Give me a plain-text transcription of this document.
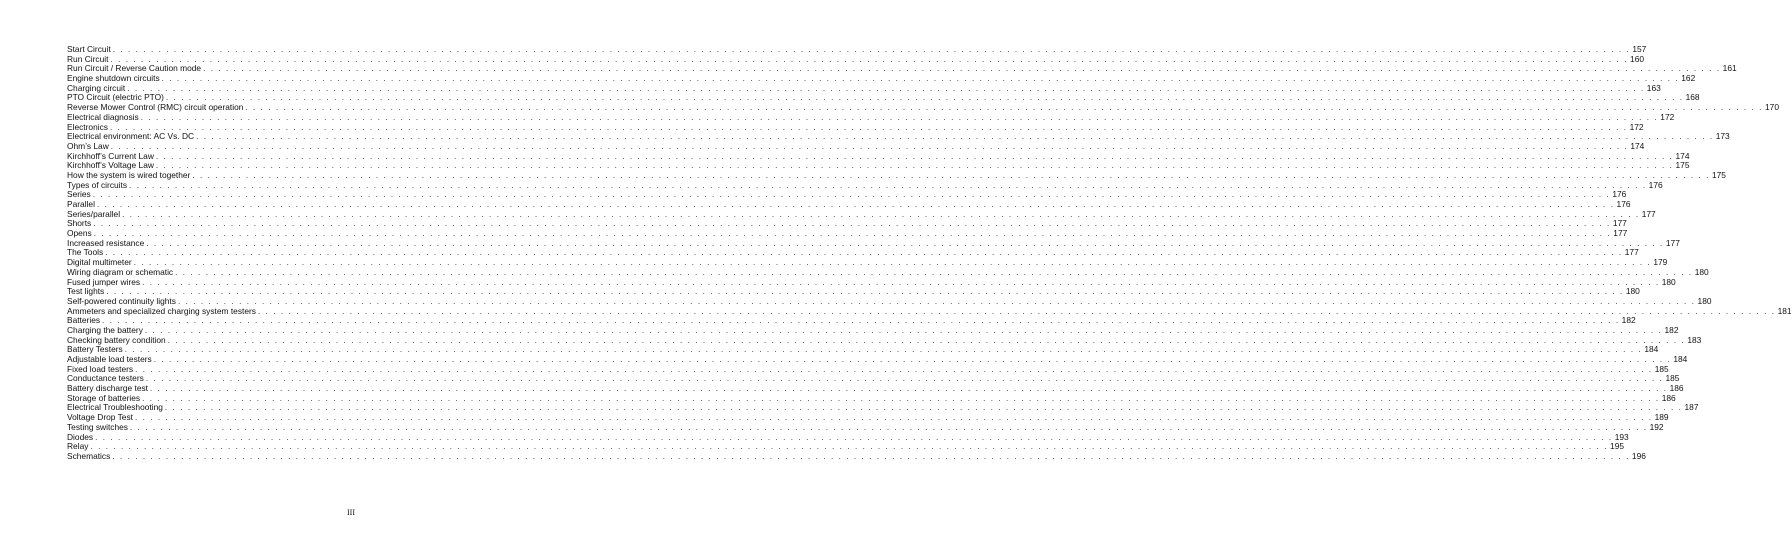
Start Circuit . . . . . . . . . . . . . . . . . . . . . . . . . . . . . . . . . . . . . . . . . . . . . . . . . . . . . . . . . . . . . . . . . . . . . . . . . . . . . . . . . . . . . . . . . . . . . . . . . . . . . . . . . . . . . . . . . . . . . . . . . . . . . . . . . . . . . . . . . . . . . . . . . . . . . . . . . . . . . . . . . . . . . . . . . . . . . . . . . . . . . . . . . . . . . . . . . . . . . . . 157
Run Circuit . . . . . . . . . . . . . . . . . . . . . . . . . . . . . . . . . . . . . . . . . . . . . . . . . . . . . . . . . . . . . . . . . . . . . . . . . . . . . . . . . . . . . . . . . . . . . . . . . . . . . . . . . . . . . . . . . . . . . . . . . . . . . . . . . . . . . . . . . . . . . . . . . . . . . . . . . . . . . . . . . . . . . . . . . . . . . . . . . . . . . . . . . . . . . . . . . . . . . . . 160
Run Circuit / Reverse Caution mode . . . . . . . . . . . . . . . . . . . . . . . . . . . . . . . . . . . . . . . . . . . . . . . . . . . . . . . . . . . . . . . . . . . . . . . . . . . . . . . . . . . . . . . . . . . . . . . . . . . . . . . . . . . . . . . . . . . . . . . . . . . . . . . . . . . . . . . . . . . . . . . . . . . . . . . . . . . . . . . . . . . . . . . . . . . . . . . . . . . . . . . . . . . . . . . . . . . . . . . 161
Engine shutdown circuits . . . . . . . . . . . . . . . . . . . . . . . . . . . . . . . . . . . . . . . . . . . . . . . . . . . . . . . . . . . . . . . . . . . . . . . . . . . . . . . . . . . . . . . . . . . . . . . . . . . . . . . . . . . . . . . . . . . . . . . . . . . . . . . . . . . . . . . . . . . . . . . . . . . . . . . . . . . . . . . . . . . . . . . . . . . . . . . . . . . . . . . . . . . . . . . . . . . . . . . 162
Charging circuit . . . . . . . . . . . . . . . . . . . . . . . . . . . . . . . . . . . . . . . . . . . . . . . . . . . . . . . . . . . . . . . . . . . . . . . . . . . . . . . . . . . . . . . . . . . . . . . . . . . . . . . . . . . . . . . . . . . . . . . . . . . . . . . . . . . . . . . . . . . . . . . . . . . . . . . . . . . . . . . . . . . . . . . . . . . . . . . . . . . . . . . . . . . . . . . . . . . . . . . 163
PTO Circuit (electric PTO) . . . . . . . . . . . . . . . . . . . . . . . . . . . . . . . . . . . . . . . . . . . . . . . . . . . . . . . . . . . . . . . . . . . . . . . . . . . . . . . . . . . . . . . . . . . . . . . . . . . . . . . . . . . . . . . . . . . . . . . . . . . . . . . . . . . . . . . . . . . . . . . . . . . . . . . . . . . . . . . . . . . . . . . . . . . . . . . . . . . . . . . . . . . . . . . . . . . . . . . 168
Reverse Mower Control (RMC) circuit operation . . . . . . . . . . . . . . . . . . . . . . . . . . . . . . . . . . . . . . . . . . . . . . . . . . . . . . . . . . . . . . . . . . . . . . . . . . . . . . . . . . . . . . . . . . . . . . . . . . . . . . . . . . . . . . . . . . . . . . . . . . . . . . . . . . . . . . . . . . . . . . . . . . . . . . . . . . . . . . . . . . . . . . . . . . . . . . . . . . . . . . . . . . . . . . . . . . . . . . . 170
Electrical diagnosis . . . . . . . . . . . . . . . . . . . . . . . . . . . . . . . . . . . . . . . . . . . . . . . . . . . . . . . . . . . . . . . . . . . . . . . . . . . . . . . . . . . . . . . . . . . . . . . . . . . . . . . . . . . . . . . . . . . . . . . . . . . . . . . . . . . . . . . . . . . . . . . . . . . . . . . . . . . . . . . . . . . . . . . . . . . . . . . . . . . . . . . . . . . . . . . . . . . . . . . 172
Electronics . . . . . . . . . . . . . . . . . . . . . . . . . . . . . . . . . . . . . . . . . . . . . . . . . . . . . . . . . . . . . . . . . . . . . . . . . . . . . . . . . . . . . . . . . . . . . . . . . . . . . . . . . . . . . . . . . . . . . . . . . . . . . . . . . . . . . . . . . . . . . . . . . . . . . . . . . . . . . . . . . . . . . . . . . . . . . . . . . . . . . . . . . . . . . . . . . . . . . . . 172
Electrical environment: AC Vs. DC . . . . . . . . . . . . . . . . . . . . . . . . . . . . . . . . . . . . . . . . . . . . . . . . . . . . . . . . . . . . . . . . . . . . . . . . . . . . . . . . . . . . . . . . . . . . . . . . . . . . . . . . . . . . . . . . . . . . . . . . . . . . . . . . . . . . . . . . . . . . . . . . . . . . . . . . . . . . . . . . . . . . . . . . . . . . . . . . . . . . . . . . . . . . . . . . . . . . . . . 173
Ohm’s Law . . . . . . . . . . . . . . . . . . . . . . . . . . . . . . . . . . . . . . . . . . . . . . . . . . . . . . . . . . . . . . . . . . . . . . . . . . . . . . . . . . . . . . . . . . . . . . . . . . . . . . . . . . . . . . . . . . . . . . . . . . . . . . . . . . . . . . . . . . . . . . . . . . . . . . . . . . . . . . . . . . . . . . . . . . . . . . . . . . . . . . . . . . . . . . . . . . . . . . . 174
Kirchhoff’s Current Law . . . . . . . . . . . . . . . . . . . . . . . . . . . . . . . . . . . . . . . . . . . . . . . . . . . . . . . . . . . . . . . . . . . . . . . . . . . . . . . . . . . . . . . . . . . . . . . . . . . . . . . . . . . . . . . . . . . . . . . . . . . . . . . . . . . . . . . . . . . . . . . . . . . . . . . . . . . . . . . . . . . . . . . . . . . . . . . . . . . . . . . . . . . . . . . . . . . . . . . 174
Kirchhoff’s Voltage Law . . . . . . . . . . . . . . . . . . . . . . . . . . . . . . . . . . . . . . . . . . . . . . . . . . . . . . . . . . . . . . . . . . . . . . . . . . . . . . . . . . . . . . . . . . . . . . . . . . . . . . . . . . . . . . . . . . . . . . . . . . . . . . . . . . . . . . . . . . . . . . . . . . . . . . . . . . . . . . . . . . . . . . . . . . . . . . . . . . . . . . . . . . . . . . . . . . . . . . . 175
How the system is wired together . . . . . . . . . . . . . . . . . . . . . . . . . . . . . . . . . . . . . . . . . . . . . . . . . . . . . . . . . . . . . . . . . . . . . . . . . . . . . . . . . . . . . . . . . . . . . . . . . . . . . . . . . . . . . . . . . . . . . . . . . . . . . . . . . . . . . . . . . . . . . . . . . . . . . . . . . . . . . . . . . . . . . . . . . . . . . . . . . . . . . . . . . . . . . . . . . . . . . . . 175
Types of circuits . . . . . . . . . . . . . . . . . . . . . . . . . . . . . . . . . . . . . . . . . . . . . . . . . . . . . . . . . . . . . . . . . . . . . . . . . . . . . . . . . . . . . . . . . . . . . . . . . . . . . . . . . . . . . . . . . . . . . . . . . . . . . . . . . . . . . . . . . . . . . . . . . . . . . . . . . . . . . . . . . . . . . . . . . . . . . . . . . . . . . . . . . . . . . . . . . . . . . . . 176
Series . . . . . . . . . . . . . . . . . . . . . . . . . . . . . . . . . . . . . . . . . . . . . . . . . . . . . . . . . . . . . . . . . . . . . . . . . . . . . . . . . . . . . . . . . . . . . . . . . . . . . . . . . . . . . . . . . . . . . . . . . . . . . . . . . . . . . . . . . . . . . . . . . . . . . . . . . . . . . . . . . . . . . . . . . . . . . . . . . . . . . . . . . . . . . . . . . . . . . . . 176
Parallel . . . . . . . . . . . . . . . . . . . . . . . . . . . . . . . . . . . . . . . . . . . . . . . . . . . . . . . . . . . . . . . . . . . . . . . . . . . . . . . . . . . . . . . . . . . . . . . . . . . . . . . . . . . . . . . . . . . . . . . . . . . . . . . . . . . . . . . . . . . . . . . . . . . . . . . . . . . . . . . . . . . . . . . . . . . . . . . . . . . . . . . . . . . . . . . . . . . . . . . 176
Series/parallel . . . . . . . . . . . . . . . . . . . . . . . . . . . . . . . . . . . . . . . . . . . . . . . . . . . . . . . . . . . . . . . . . . . . . . . . . . . . . . . . . . . . . . . . . . . . . . . . . . . . . . . . . . . . . . . . . . . . . . . . . . . . . . . . . . . . . . . . . . . . . . . . . . . . . . . . . . . . . . . . . . . . . . . . . . . . . . . . . . . . . . . . . . . . . . . . . . . . . . . 177
Shorts . . . . . . . . . . . . . . . . . . . . . . . . . . . . . . . . . . . . . . . . . . . . . . . . . . . . . . . . . . . . . . . . . . . . . . . . . . . . . . . . . . . . . . . . . . . . . . . . . . . . . . . . . . . . . . . . . . . . . . . . . . . . . . . . . . . . . . . . . . . . . . . . . . . . . . . . . . . . . . . . . . . . . . . . . . . . . . . . . . . . . . . . . . . . . . . . . . . . . . . 177
Opens . . . . . . . . . . . . . . . . . . . . . . . . . . . . . . . . . . . . . . . . . . . . . . . . . . . . . . . . . . . . . . . . . . . . . . . . . . . . . . . . . . . . . . . . . . . . . . . . . . . . . . . . . . . . . . . . . . . . . . . . . . . . . . . . . . . . . . . . . . . . . . . . . . . . . . . . . . . . . . . . . . . . . . . . . . . . . . . . . . . . . . . . . . . . . . . . . . . . . . . 177
Increased resistance . . . . . . . . . . . . . . . . . . . . . . . . . . . . . . . . . . . . . . . . . . . . . . . . . . . . . . . . . . . . . . . . . . . . . . . . . . . . . . . . . . . . . . . . . . . . . . . . . . . . . . . . . . . . . . . . . . . . . . . . . . . . . . . . . . . . . . . . . . . . . . . . . . . . . . . . . . . . . . . . . . . . . . . . . . . . . . . . . . . . . . . . . . . . . . . . . . . . . . . 177
The Tools . . . . . . . . . . . . . . . . . . . . . . . . . . . . . . . . . . . . . . . . . . . . . . . . . . . . . . . . . . . . . . . . . . . . . . . . . . . . . . . . . . . . . . . . . . . . . . . . . . . . . . . . . . . . . . . . . . . . . . . . . . . . . . . . . . . . . . . . . . . . . . . . . . . . . . . . . . . . . . . . . . . . . . . . . . . . . . . . . . . . . . . . . . . . . . . . . . . . . . . 177
Digital multimeter . . . . . . . . . . . . . . . . . . . . . . . . . . . . . . . . . . . . . . . . . . . . . . . . . . . . . . . . . . . . . . . . . . . . . . . . . . . . . . . . . . . . . . . . . . . . . . . . . . . . . . . . . . . . . . . . . . . . . . . . . . . . . . . . . . . . . . . . . . . . . . . . . . . . . . . . . . . . . . . . . . . . . . . . . . . . . . . . . . . . . . . . . . . . . . . . . . . . . . . 179
Wiring diagram or schematic . . . . . . . . . . . . . . . . . . . . . . . . . . . . . . . . . . . . . . . . . . . . . . . . . . . . . . . . . . . . . . . . . . . . . . . . . . . . . . . . . . . . . . . . . . . . . . . . . . . . . . . . . . . . . . . . . . . . . . . . . . . . . . . . . . . . . . . . . . . . . . . . . . . . . . . . . . . . . . . . . . . . . . . . . . . . . . . . . . . . . . . . . . . . . . . . . . . . . . . 180
Fused jumper wires . . . . . . . . . . . . . . . . . . . . . . . . . . . . . . . . . . . . . . . . . . . . . . . . . . . . . . . . . . . . . . . . . . . . . . . . . . . . . . . . . . . . . . . . . . . . . . . . . . . . . . . . . . . . . . . . . . . . . . . . . . . . . . . . . . . . . . . . . . . . . . . . . . . . . . . . . . . . . . . . . . . . . . . . . . . . . . . . . . . . . . . . . . . . . . . . . . . . . . . 180
Test lights . . . . . . . . . . . . . . . . . . . . . . . . . . . . . . . . . . . . . . . . . . . . . . . . . . . . . . . . . . . . . . . . . . . . . . . . . . . . . . . . . . . . . . . . . . . . . . . . . . . . . . . . . . . . . . . . . . . . . . . . . . . . . . . . . . . . . . . . . . . . . . . . . . . . . . . . . . . . . . . . . . . . . . . . . . . . . . . . . . . . . . . . . . . . . . . . . . . . . . . 180
Self-powered continuity lights . . . . . . . . . . . . . . . . . . . . . . . . . . . . . . . . . . . . . . . . . . . . . . . . . . . . . . . . . . . . . . . . . . . . . . . . . . . . . . . . . . . . . . . . . . . . . . . . . . . . . . . . . . . . . . . . . . . . . . . . . . . . . . . . . . . . . . . . . . . . . . . . . . . . . . . . . . . . . . . . . . . . . . . . . . . . . . . . . . . . . . . . . . . . . . . . . . . . . . . 180
Ammeters and specialized charging system testers . . . . . . . . . . . . . . . . . . . . . . . . . . . . . . . . . . . . . . . . . . . . . . . . . . . . . . . . . . . . . . . . . . . . . . . . . . . . . . . . . . . . . . . . . . . . . . . . . . . . . . . . . . . . . . . . . . . . . . . . . . . . . . . . . . . . . . . . . . . . . . . . . . . . . . . . . . . . . . . . . . . . . . . . . . . . . . . . . . . . . . . . . . . . . . . . . . . . . . . 181
Batteries . . . . . . . . . . . . . . . . . . . . . . . . . . . . . . . . . . . . . . . . . . . . . . . . . . . . . . . . . . . . . . . . . . . . . . . . . . . . . . . . . . . . . . . . . . . . . . . . . . . . . . . . . . . . . . . . . . . . . . . . . . . . . . . . . . . . . . . . . . . . . . . . . . . . . . . . . . . . . . . . . . . . . . . . . . . . . . . . . . . . . . . . . . . . . . . . . . . . . . . 182
Charging the battery . . . . . . . . . . . . . . . . . . . . . . . . . . . . . . . . . . . . . . . . . . . . . . . . . . . . . . . . . . . . . . . . . . . . . . . . . . . . . . . . . . . . . . . . . . . . . . . . . . . . . . . . . . . . . . . . . . . . . . . . . . . . . . . . . . . . . . . . . . . . . . . . . . . . . . . . . . . . . . . . . . . . . . . . . . . . . . . . . . . . . . . . . . . . . . . . . . . . . . . 182
Checking battery condition . . . . . . . . . . . . . . . . . . . . . . . . . . . . . . . . . . . . . . . . . . . . . . . . . . . . . . . . . . . . . . . . . . . . . . . . . . . . . . . . . . . . . . . . . . . . . . . . . . . . . . . . . . . . . . . . . . . . . . . . . . . . . . . . . . . . . . . . . . . . . . . . . . . . . . . . . . . . . . . . . . . . . . . . . . . . . . . . . . . . . . . . . . . . . . . . . . . . . . . 183
Battery Testers . . . . . . . . . . . . . . . . . . . . . . . . . . . . . . . . . . . . . . . . . . . . . . . . . . . . . . . . . . . . . . . . . . . . . . . . . . . . . . . . . . . . . . . . . . . . . . . . . . . . . . . . . . . . . . . . . . . . . . . . . . . . . . . . . . . . . . . . . . . . . . . . . . . . . . . . . . . . . . . . . . . . . . . . . . . . . . . . . . . . . . . . . . . . . . . . . . . . . . . 184
Adjustable load testers . . . . . . . . . . . . . . . . . . . . . . . . . . . . . . . . . . . . . . . . . . . . . . . . . . . . . . . . . . . . . . . . . . . . . . . . . . . . . . . . . . . . . . . . . . . . . . . . . . . . . . . . . . . . . . . . . . . . . . . . . . . . . . . . . . . . . . . . . . . . . . . . . . . . . . . . . . . . . . . . . . . . . . . . . . . . . . . . . . . . . . . . . . . . . . . . . . . . . . . 184
Fixed load testers . . . . . . . . . . . . . . . . . . . . . . . . . . . . . . . . . . . . . . . . . . . . . . . . . . . . . . . . . . . . . . . . . . . . . . . . . . . . . . . . . . . . . . . . . . . . . . . . . . . . . . . . . . . . . . . . . . . . . . . . . . . . . . . . . . . . . . . . . . . . . . . . . . . . . . . . . . . . . . . . . . . . . . . . . . . . . . . . . . . . . . . . . . . . . . . . . . . . . . . 185
Conductance testers . . . . . . . . . . . . . . . . . . . . . . . . . . . . . . . . . . . . . . . . . . . . . . . . . . . . . . . . . . . . . . . . . . . . . . . . . . . . . . . . . . . . . . . . . . . . . . . . . . . . . . . . . . . . . . . . . . . . . . . . . . . . . . . . . . . . . . . . . . . . . . . . . . . . . . . . . . . . . . . . . . . . . . . . . . . . . . . . . . . . . . . . . . . . . . . . . . . . . . . 185
Battery discharge test . . . . . . . . . . . . . . . . . . . . . . . . . . . . . . . . . . . . . . . . . . . . . . . . . . . . . . . . . . . . . . . . . . . . . . . . . . . . . . . . . . . . . . . . . . . . . . . . . . . . . . . . . . . . . . . . . . . . . . . . . . . . . . . . . . . . . . . . . . . . . . . . . . . . . . . . . . . . . . . . . . . . . . . . . . . . . . . . . . . . . . . . . . . . . . . . . . . . . . . 186
Storage of batteries . . . . . . . . . . . . . . . . . . . . . . . . . . . . . . . . . . . . . . . . . . . . . . . . . . . . . . . . . . . . . . . . . . . . . . . . . . . . . . . . . . . . . . . . . . . . . . . . . . . . . . . . . . . . . . . . . . . . . . . . . . . . . . . . . . . . . . . . . . . . . . . . . . . . . . . . . . . . . . . . . . . . . . . . . . . . . . . . . . . . . . . . . . . . . . . . . . . . . . . 186
Electrical Troubleshooting . . . . . . . . . . . . . . . . . . . . . . . . . . . . . . . . . . . . . . . . . . . . . . . . . . . . . . . . . . . . . . . . . . . . . . . . . . . . . . . . . . . . . . . . . . . . . . . . . . . . . . . . . . . . . . . . . . . . . . . . . . . . . . . . . . . . . . . . . . . . . . . . . . . . . . . . . . . . . . . . . . . . . . . . . . . . . . . . . . . . . . . . . . . . . . . . . . . . . . . 187
Voltage Drop Test . . . . . . . . . . . . . . . . . . . . . . . . . . . . . . . . . . . . . . . . . . . . . . . . . . . . . . . . . . . . . . . . . . . . . . . . . . . . . . . . . . . . . . . . . . . . . . . . . . . . . . . . . . . . . . . . . . . . . . . . . . . . . . . . . . . . . . . . . . . . . . . . . . . . . . . . . . . . . . . . . . . . . . . . . . . . . . . . . . . . . . . . . . . . . . . . . . . . . . . 189
Testing switches . . . . . . . . . . . . . . . . . . . . . . . . . . . . . . . . . . . . . . . . . . . . . . . . . . . . . . . . . . . . . . . . . . . . . . . . . . . . . . . . . . . . . . . . . . . . . . . . . . . . . . . . . . . . . . . . . . . . . . . . . . . . . . . . . . . . . . . . . . . . . . . . . . . . . . . . . . . . . . . . . . . . . . . . . . . . . . . . . . . . . . . . . . . . . . . . . . . . . . . 192
Diodes . . . . . . . . . . . . . . . . . . . . . . . . . . . . . . . . . . . . . . . . . . . . . . . . . . . . . . . . . . . . . . . . . . . . . . . . . . . . . . . . . . . . . . . . . . . . . . . . . . . . . . . . . . . . . . . . . . . . . . . . . . . . . . . . . . . . . . . . . . . . . . . . . . . . . . . . . . . . . . . . . . . . . . . . . . . . . . . . . . . . . . . . . . . . . . . . . . . . . . . 193
Relay . . . . . . . . . . . . . . . . . . . . . . . . . . . . . . . . . . . . . . . . . . . . . . . . . . . . . . . . . . . . . . . . . . . . . . . . . . . . . . . . . . . . . . . . . . . . . . . . . . . . . . . . . . . . . . . . . . . . . . . . . . . . . . . . . . . . . . . . . . . . . . . . . . . . . . . . . . . . . . . . . . . . . . . . . . . . . . . . . . . . . . . . . . . . . . . . . . . . . . . 195
Schematics . . . . . . . . . . . . . . . . . . . . . . . . . . . . . . . . . . . . . . . . . . . . . . . . . . . . . . . . . . . . . . . . . . . . . . . . . . . . . . . . . . . . . . . . . . . . . . . . . . . . . . . . . . . . . . . . . . . . . . . . . . . . . . . . . . . . . . . . . . . . . . . . . . . . . . . . . . . . . . . . . . . . . . . . . . . . . . . . . . . . . . . . . . . . . . . . . . . . . . . 196
III
